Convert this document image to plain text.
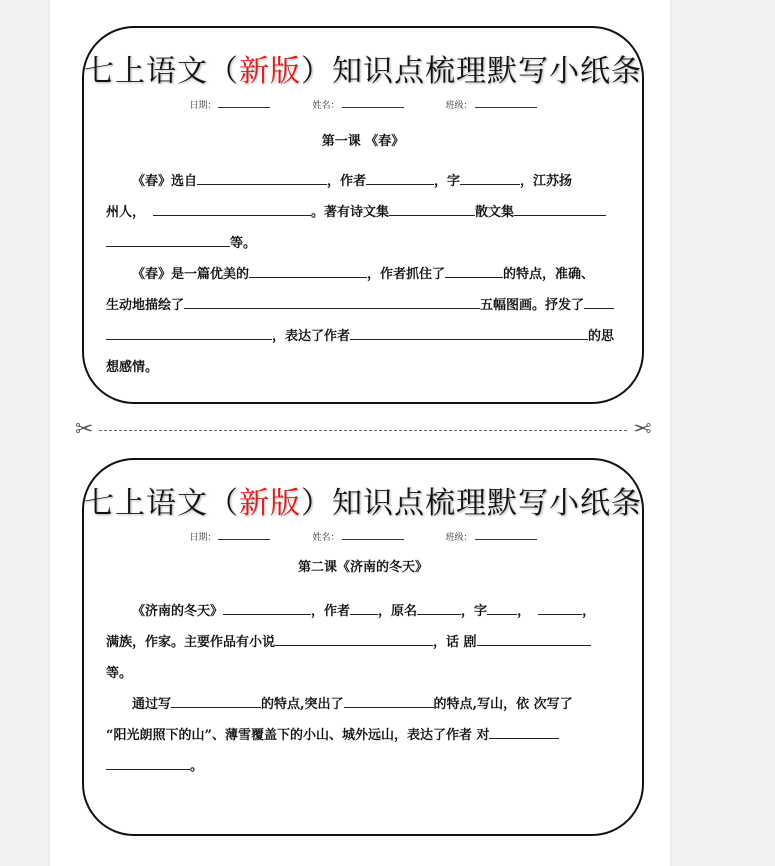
七上语文（新版）知识点梳理默写小纸条
日期：	姓名：	班级：
第一课 《春》

《春》选自	，作者	，字	，江苏扬

州人，	。著有诗文集	散文集

等。

《春》是一篇优美的	，作者抓住了	的特点，准确、

生动地描绘了	五幅图画。抒发了

，表达了作者	的思

想感情。

✂	✂
七上语文（新版）知识点梳理默写小纸条
日期：	姓名：	班级：
第二课《济南的冬天》

《济南的冬天》	，作者 ，原名	，字 ，	，

满族，作家。主要作品有小说	，话 剧

等。

通过写	的特点,突出了	的特点,写山，依 次写了

“阳光朗照下的山”、薄雪覆盖下的小山、城外远山，表达了作者 对

。
